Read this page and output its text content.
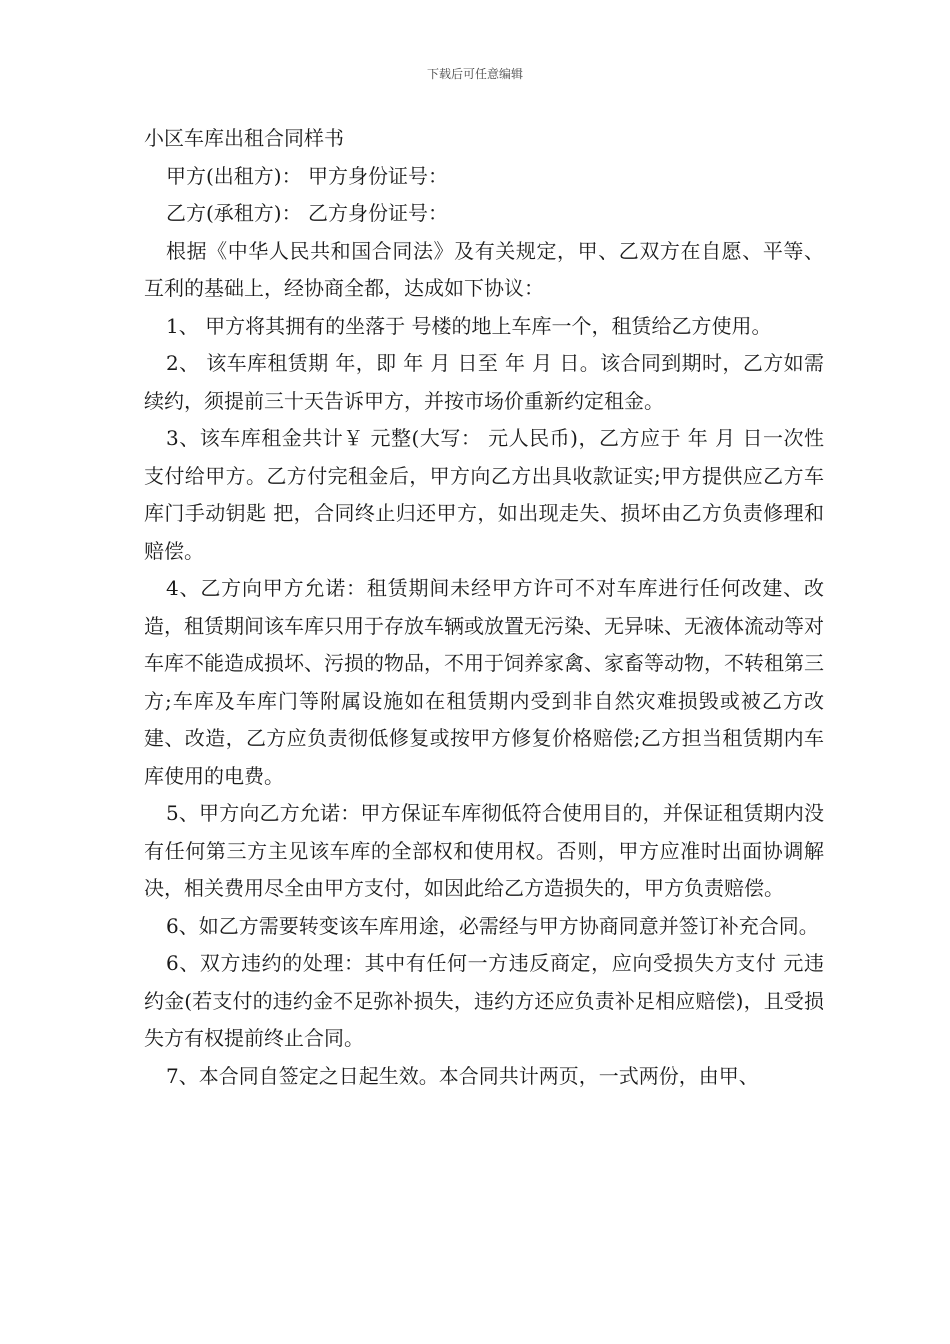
下载后可任意编辑
小区车库出租合同样书

甲方(出租方)： 甲方身份证号：

乙方(承租方)： 乙方身份证号：

根据《中华人民共和国合同法》及有关规定，甲、乙双方在自愿、平等、互利的基础上，经协商全都，达成如下协议：

1、 甲方将其拥有的坐落于 号楼的地上车库一个，租赁给乙方使用。

2、 该车库租赁期 年，即 年 月 日至 年 月 日。该合同到期时，乙方如需续约，须提前三十天告诉甲方，并按市场价重新约定租金。

3、该车库租金共计￥ 元整(大写： 元人民币)，乙方应于 年 月 日一次性支付给甲方。乙方付完租金后，甲方向乙方出具收款证实;甲方提供应乙方车库门手动钥匙 把，合同终止归还甲方，如出现走失、损坏由乙方负责修理和赔偿。

4、乙方向甲方允诺：租赁期间未经甲方许可不对车库进行任何改建、改造，租赁期间该车库只用于存放车辆或放置无污染、无异味、无液体流动等对车库不能造成损坏、污损的物品，不用于饲养家禽、家畜等动物，不转租第三方;车库及车库门等附属设施如在租赁期内受到非自然灾难损毁或被乙方改建、改造，乙方应负责彻低修复或按甲方修复价格赔偿;乙方担当租赁期内车库使用的电费。

5、甲方向乙方允诺：甲方保证车库彻低符合使用目的，并保证租赁期内没有任何第三方主见该车库的全部权和使用权。否则，甲方应准时出面协调解决，相关费用尽全由甲方支付，如因此给乙方造损失的，甲方负责赔偿。

6、如乙方需要转变该车库用途，必需经与甲方协商同意并签订补充合同。

6、双方违约的处理：其中有任何一方违反商定，应向受损失方支付 元违约金(若支付的违约金不足弥补损失，违约方还应负责补足相应赔偿)，且受损失方有权提前终止合同。

7、本合同自签定之日起生效。本合同共计两页，一式两份，由甲、
